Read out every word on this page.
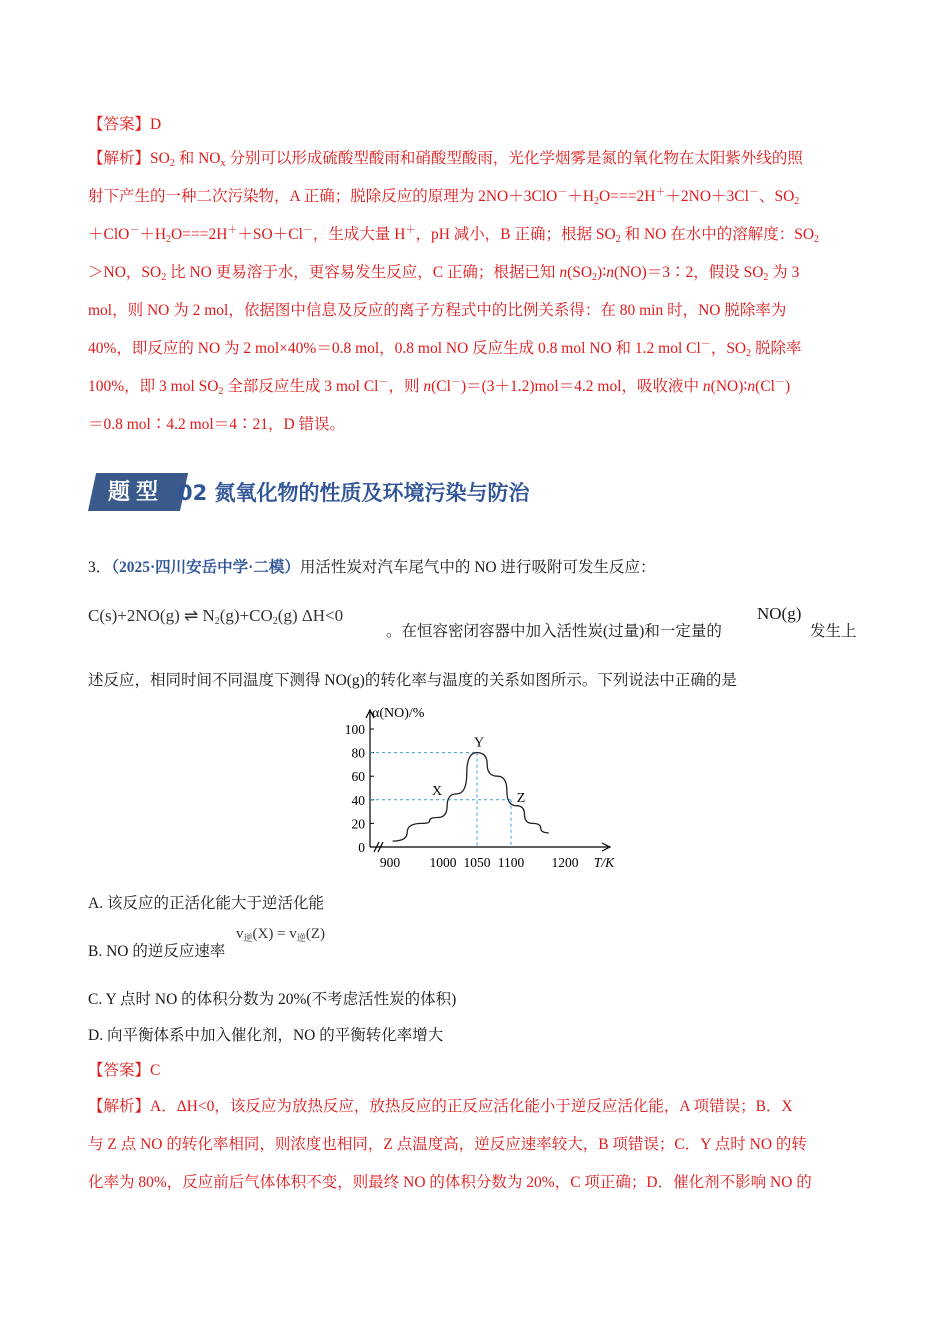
【答案】D
【解析】$SO_2$ 和 $NO_x$ 分别可以形成硫酸型酸雨和硝酸型酸雨，光化学烟雾是氮的氧化物在太阳紫外线的照
射下产生的一种二次污染物，A 正确；脱除反应的原理为 $2NO+3ClO^-+H_2O===2H^++2NO+3Cl^-$、$SO_2$
$+ClO^-+H_2O===2H^++SO+Cl^-$，生成大量 H＋，pH 减小，B 正确；根据 $SO_2$ 和 NO 在水中的溶解度：$SO_2$
＞NO，$SO_2$ 比 NO 更易溶于水，更容易发生反应，C 正确；根据已知 $n(SO_2)∶n(NO)=3∶2$，假设 $SO_2$ 为 3
mol，则 NO 为 2 mol，依据图中信息及反应的离子方程式中的比例关系得：在 80 min 时，NO 脱除率为
40%，即反应的 NO 为 2 mol×40%＝0.8 mol，0.8 mol NO 反应生成 0.8 mol NO 和 1.2 mol Cl－，$SO_2$ 脱除率
100%，即 3 mol $SO_2$ 全部反应生成 3 mol Cl－，则 n(Cl－)＝(3＋1.2)mol＝4.2 mol，吸收液中 n(NO)∶n(Cl－)
＝0.8 mol∶4.2 mol＝4∶21，D 错误。
题型 02 氮氧化物的性质及环境污染与防治
3．（2025·四川安岳中学·二模）用活性炭对汽车尾气中的 NO 进行吸附可发生反应：
C(s)+2NO(g) ⇌ $N_2(g)+CO_2(g)$ ΔH<0
。在恒容密闭容器中加入活性炭(过量)和一定量的
NO(g)
发生上
述反应，相同时间不同温度下测得 NO(g)的转化率与温度的关系如图所示。下列说法中正确的是
α(NO)/%
0
20
40
60
80
100
900 1000 1050 1100 1200 T/K
X
Y
Z
A. 该反应的正活化能大于逆活化能
B. NO 的逆反应速率
$v_逆(X) = v_逆(Z)$
C. Y 点时 NO 的体积分数为 20%(不考虑活性炭的体积)
D. 向平衡体系中加入催化剂，NO 的平衡转化率增大
【答案】C
【解析】A．ΔH<0，该反应为放热反应，放热反应的正反应活化能小于逆反应活化能，A 项错误；B．X
与 Z 点 NO 的转化率相同，则浓度也相同，Z 点温度高，逆反应速率较大，B 项错误；C．Y 点时 NO 的转
化率为 80%，反应前后气体体积不变，则最终 NO 的体积分数为 20%，C 项正确；D．催化剂不影响 NO 的
